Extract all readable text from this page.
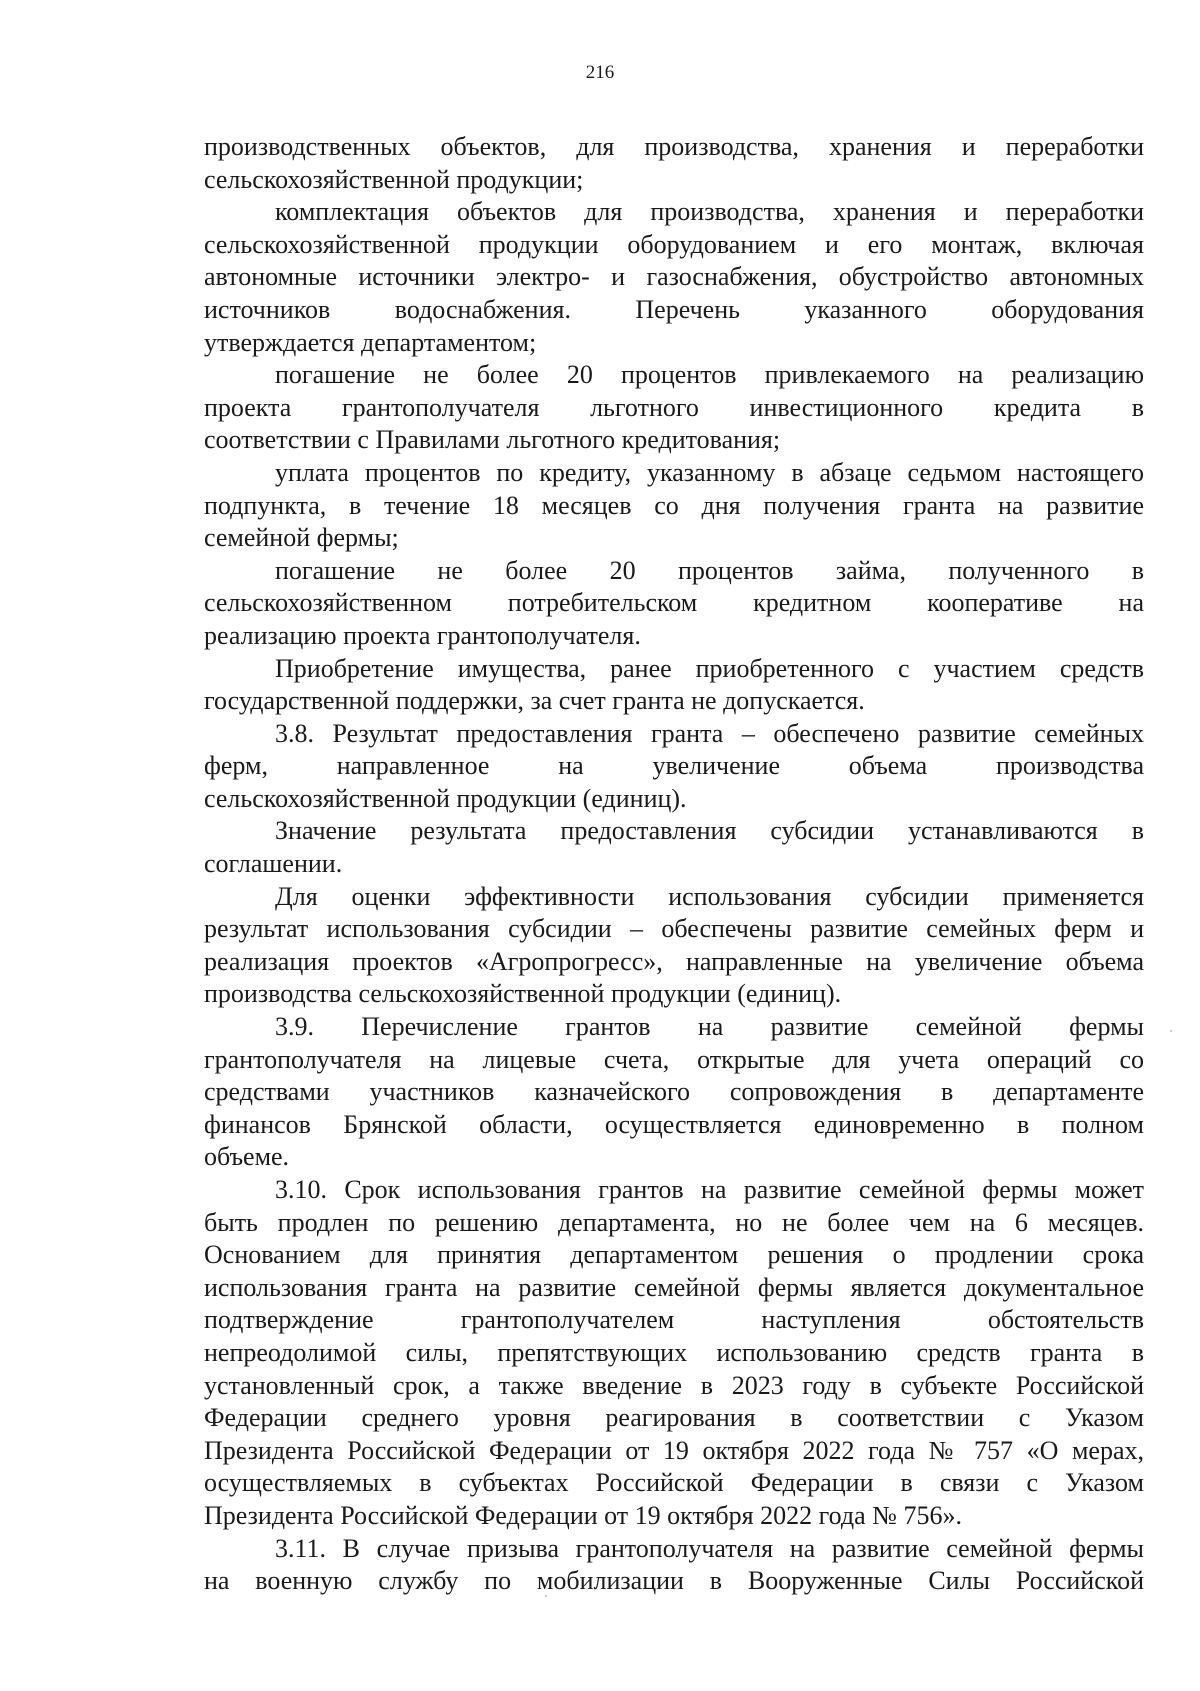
216
производственных объектов, для производства, хранения и переработки
сельскохозяйственной продукции;
комплектация объектов для производства, хранения и переработки
сельскохозяйственной продукции оборудованием и его монтаж, включая
автономные источники электро- и газоснабжения, обустройство автономных
источников водоснабжения. Перечень указанного оборудования
утверждается департаментом;
погашение не более 20 процентов привлекаемого на реализацию
проекта грантополучателя льготного инвестиционного кредита в
соответствии с Правилами льготного кредитования;
уплата процентов по кредиту, указанному в абзаце седьмом настоящего
подпункта, в течение 18 месяцев со дня получения гранта на развитие
семейной фермы;
погашение не более 20 процентов займа, полученного в
сельскохозяйственном потребительском кредитном кооперативе на
реализацию проекта грантополучателя.
Приобретение имущества, ранее приобретенного с участием средств
государственной поддержки, за счет гранта не допускается.
3.8. Результат предоставления гранта – обеспечено развитие семейных
ферм, направленное на увеличение объема производства
сельскохозяйственной продукции (единиц).
Значение результата предоставления субсидии устанавливаются в
соглашении.
Для оценки эффективности использования субсидии применяется
результат использования субсидии – обеспечены развитие семейных ферм и
реализация проектов «Агропрогресс», направленные на увеличение объема
производства сельскохозяйственной продукции (единиц).
3.9. Перечисление грантов на развитие семейной фермы
грантополучателя на лицевые счета, открытые для учета операций со
средствами участников казначейского сопровождения в департаменте
финансов Брянской области, осуществляется единовременно в полном
объеме.
3.10. Срок использования грантов на развитие семейной фермы может
быть продлен по решению департамента, но не более чем на 6 месяцев.
Основанием для принятия департаментом решения о продлении срока
использования гранта на развитие семейной фермы является документальное
подтверждение грантополучателем наступления обстоятельств
непреодолимой силы, препятствующих использованию средств гранта в
установленный срок, а также введение в 2023 году в субъекте Российской
Федерации среднего уровня реагирования в соответствии с Указом
Президента Российской Федерации от 19 октября 2022 года № 757 «О мерах,
осуществляемых в субъектах Российской Федерации в связи с Указом
Президента Российской Федерации от 19 октября 2022 года № 756».
3.11. В случае призыва грантополучателя на развитие семейной фермы
на военную службу по мобилизации в Вооруженные Силы Российской
